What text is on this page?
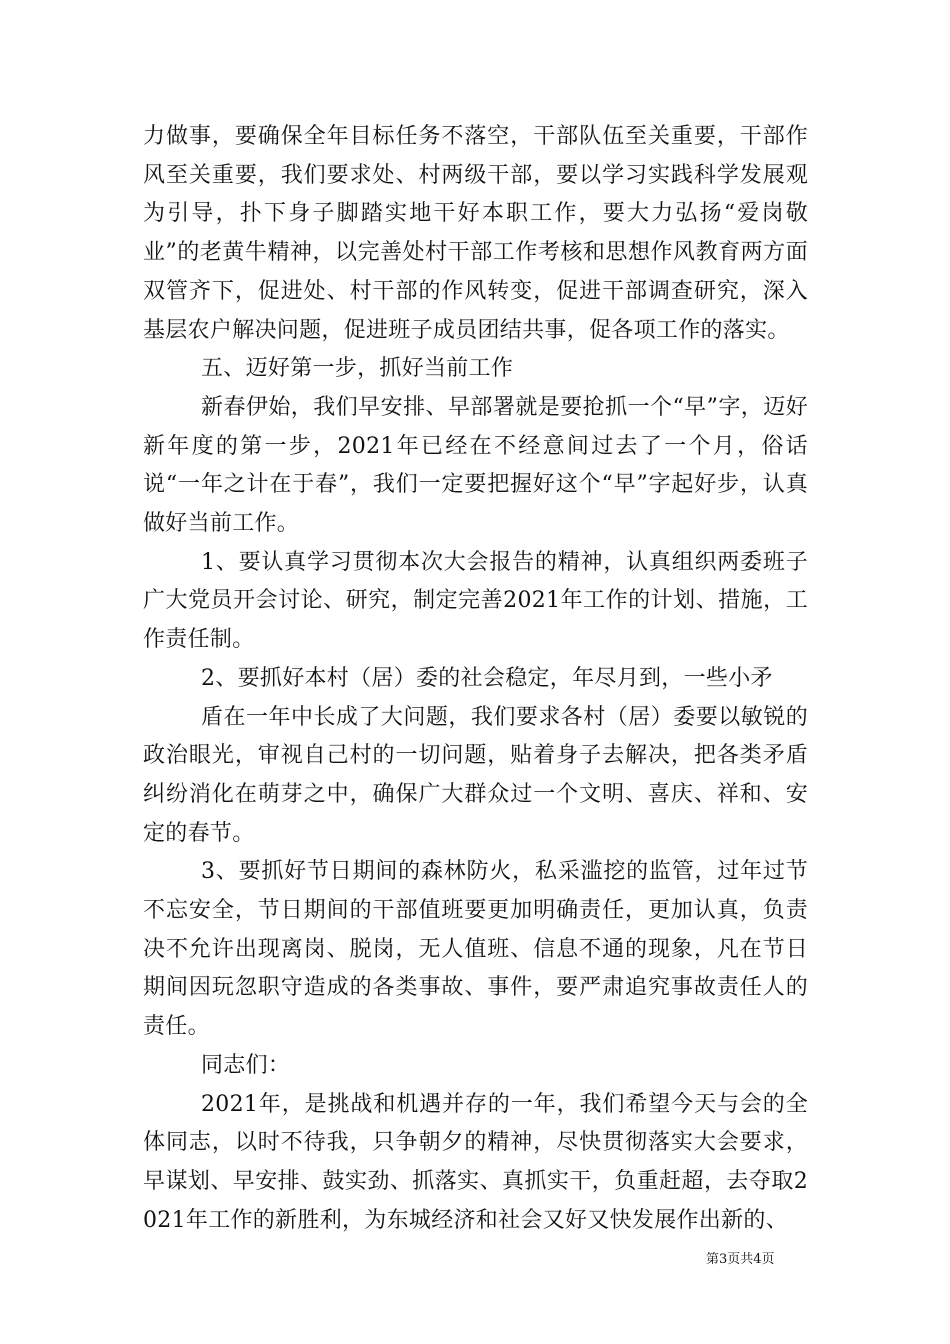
力做事，要确保全年目标任务不落空，干部队伍至关重要，干部作风至关重要，我们要求处、村两级干部，要以学习实践科学发展观为引导，扑下身子脚踏实地干好本职工作，要大力弘扬“爱岗敬业”的老黄牛精神，以完善处村干部工作考核和思想作风教育两方面双管齐下，促进处、村干部的作风转变，促进干部调查研究，深入基层农户解决问题，促进班子成员团结共事，促各项工作的落实。

五、迈好第一步，抓好当前工作

新春伊始，我们早安排、早部署就是要抢抓一个“早”字，迈好新年度的第一步，2021年已经在不经意间过去了一个月，俗话说“一年之计在于春”，我们一定要把握好这个“早”字起好步，认真做好当前工作。

1、要认真学习贯彻本次大会报告的精神，认真组织两委班子广大党员开会讨论、研究，制定完善2021年工作的计划、措施，工作责任制。

2、要抓好本村（居）委的社会稳定，年尽月到，一些小矛

盾在一年中长成了大问题，我们要求各村（居）委要以敏锐的政治眼光，审视自己村的一切问题，贴着身子去解决，把各类矛盾纠纷消化在萌芽之中，确保广大群众过一个文明、喜庆、祥和、安定的春节。

3、要抓好节日期间的森林防火，私采滥挖的监管，过年过节不忘安全，节日期间的干部值班要更加明确责任，更加认真，负责决不允许出现离岗、脱岗，无人值班、信息不通的现象，凡在节日期间因玩忽职守造成的各类事故、事件，要严肃追究事故责任人的责任。

同志们：

2021年，是挑战和机遇并存的一年，我们希望今天与会的全体同志，以时不待我，只争朝夕的精神，尽快贯彻落实大会要求，早谋划、早安排、鼓实劲、抓落实、真抓实干，负重赶超，去夺取2021年工作的新胜利，为东城经济和社会又好又快发展作出新的、

第3页共4页
